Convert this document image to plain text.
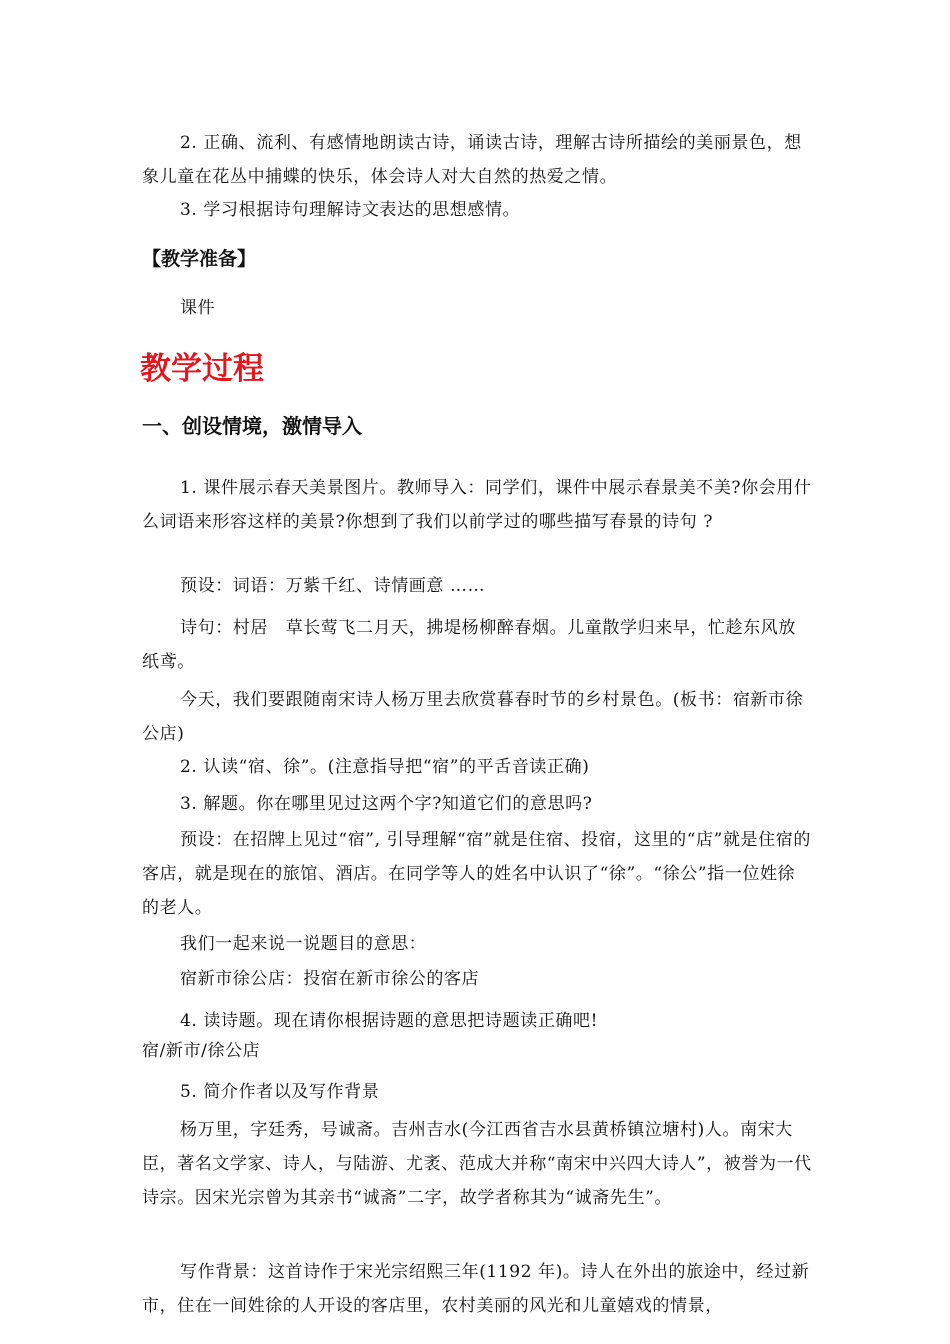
2. 正确、流利、有感情地朗读古诗，诵读古诗，理解古诗所描绘的美丽景色，想象儿童在花丛中捕蝶的快乐，体会诗人对大自然的热爱之情。

3. 学习根据诗句理解诗文表达的思想感情。

【教学准备】

课件

教学过程

一、创设情境，激情导入

1. 课件展示春天美景图片。教师导入：同学们，课件中展示春景美不美?你会用什么词语来形容这样的美景?你想到了我们以前学过的哪些描写春景的诗句 ?

预设：词语：万紫千红、诗情画意 ……

诗句：村居　草长莺飞二月天，拂堤杨柳醉春烟。儿童散学归来早，忙趁东风放纸鸢。

今天，我们要跟随南宋诗人杨万里去欣赏暮春时节的乡村景色。(板书：宿新市徐公店)

2. 认读“宿、徐”。(注意指导把“宿”的平舌音读正确)

3. 解题。你在哪里见过这两个字?知道它们的意思吗?

预设：在招牌上见过“宿”, 引导理解“宿”就是住宿、投宿，这里的“店”就是住宿的客店，就是现在的旅馆、酒店。在同学等人的姓名中认识了“徐”。“徐公”指一位姓徐的老人。

我们一起来说一说题目的意思：

宿新市徐公店：投宿在新市徐公的客店

4. 读诗题。现在请你根据诗题的意思把诗题读正确吧!

宿/新市/徐公店

5. 简介作者以及写作背景

杨万里，字廷秀，号诚斋。吉州吉水(今江西省吉水县黄桥镇泣塘村)人。南宋大臣，著名文学家、诗人，与陆游、尤袤、范成大并称“南宋中兴四大诗人”，被誉为一代诗宗。因宋光宗曾为其亲书“诚斋”二字，故学者称其为“诚斋先生”。

写作背景：这首诗作于宋光宗绍熙三年(1192 年)。诗人在外出的旅途中，经过新市，住在一间姓徐的人开设的客店里，农村美丽的风光和儿童嬉戏的情景，
